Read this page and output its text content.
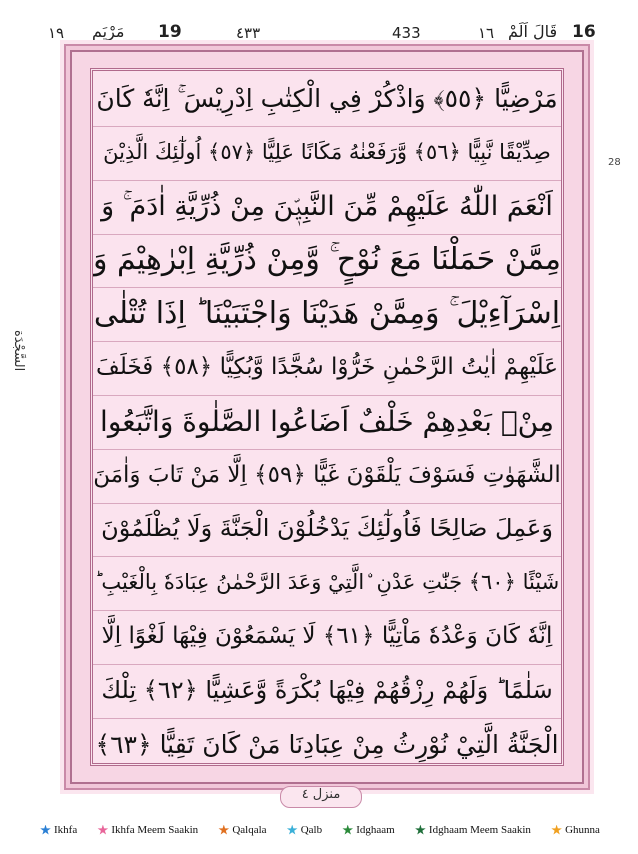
١٩ مَرْيَم 19	٤٣٣	433	١٦ قَالَ اَلَمْ 16
28
السَّجْدَة
مَرْضِيًّا ﴿٥٥﴾ وَاذْكُرْ فِي الْكِتٰبِ اِدْرِيْسَ ۚ اِنَّهٗ كَانَ
صِدِّيْقًا نَّبِيًّا ﴿٥٦﴾ وَّرَفَعْنٰهُ مَكَانًا عَلِيًّا ﴿٥٧﴾ اُولٰٓئِكَ الَّذِيْنَ
اَنْعَمَ اللّٰهُ عَلَيْهِمْ مِّنَ النَّبِيّٖنَ مِنْ ذُرِّيَّةِ اٰدَمَ ۚ وَ
مِمَّنْ حَمَلْنَا مَعَ نُوْحٍ ۚ وَّمِنْ ذُرِّيَّةِ اِبْرٰهِيْمَ وَ
اِسْرَآءِيْلَ ۚ وَمِمَّنْ هَدَيْنَا وَاجْتَبَيْنَا ؕ اِذَا تُتْلٰى
عَلَيْهِمْ اٰيٰتُ الرَّحْمٰنِ خَرُّوْا سُجَّدًا وَّبُكِيًّا ﴿٥٨﴾ فَخَلَفَ
مِنْۢ بَعْدِهِمْ خَلْفٌ اَضَاعُوا الصَّلٰوةَ وَاتَّبَعُوا
الشَّهَوٰتِ فَسَوْفَ يَلْقَوْنَ غَيًّا ﴿٥٩﴾ اِلَّا مَنْ تَابَ وَاٰمَنَ
وَعَمِلَ صَالِحًا فَاُولٰٓئِكَ يَدْخُلُوْنَ الْجَنَّةَ وَلَا يُظْلَمُوْنَ
شَيْئًا ﴿٦٠﴾ جَنّٰتِ عَدْنِ ۨالَّتِيْ وَعَدَ الرَّحْمٰنُ عِبَادَهٗ بِالْغَيْبِ ؕ
اِنَّهٗ كَانَ وَعْدُهٗ مَاْتِيًّا ﴿٦١﴾ لَا يَسْمَعُوْنَ فِيْهَا لَغْوًا اِلَّا
سَلٰمًا ؕ وَلَهُمْ رِزْقُهُمْ فِيْهَا بُكْرَةً وَّعَشِيًّا ﴿٦٢﴾ تِلْكَ
الْجَنَّةُ الَّتِيْ نُوْرِثُ مِنْ عِبَادِنَا مَنْ كَانَ تَقِيًّا ﴿٦٣﴾
منزل ٤
Ikhfa	Ikhfa Meem Saakin	Qalqala	Qalb	Idghaam	Idghaam Meem Saakin	Ghunna
